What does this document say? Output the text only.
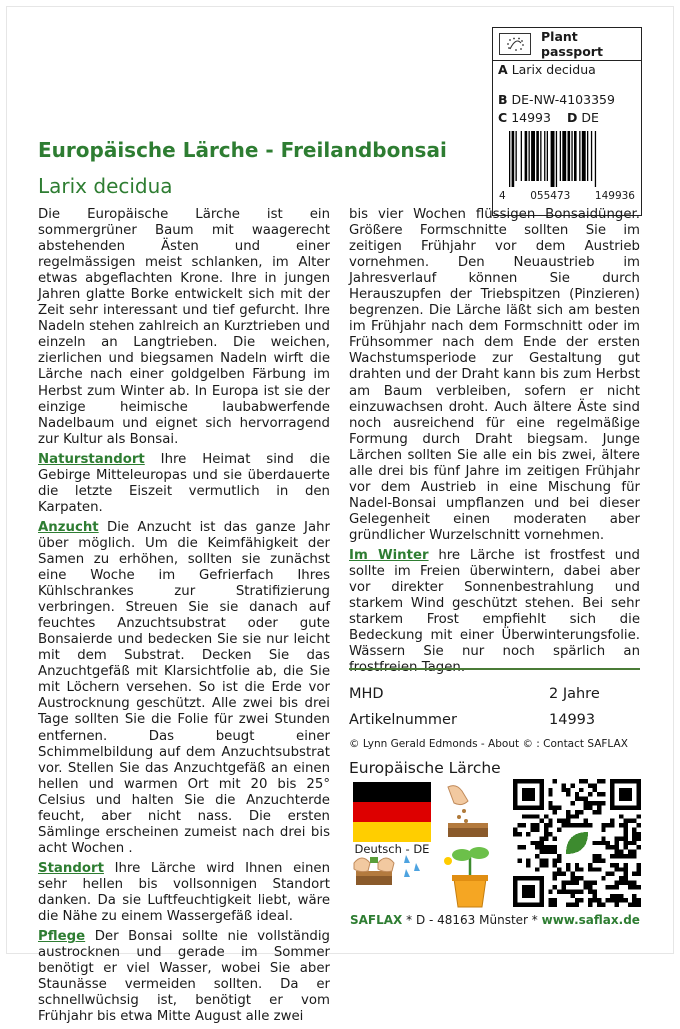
Europäische Lärche - Freilandbonsai
Larix decidua
Plant passport
A Larix decidua
B DE-NW-4103359
C 14993 D DE
4 055473 149936

Die Europäische Lärche ist ein sommergrüner Baum mit waagerecht abstehenden Ästen und einer regelmässigen meist schlanken, im Alter etwas abgeflachten Krone. Ihre in jungen Jahren glatte Borke entwickelt sich mit der Zeit sehr interessant und tief gefurcht. Ihre Nadeln stehen zahlreich an Kurztrieben und einzeln an Langtrieben. Die weichen, zierlichen und biegsamen Nadeln wirft die Lärche nach einer goldgelben Färbung im Herbst zum Winter ab. In Europa ist sie der einzige heimische laubabwerfende Nadelbaum und eignet sich hervorragend zur Kultur als Bonsai.

Naturstandort Ihre Heimat sind die Gebirge Mitteleuropas und sie überdauerte die letzte Eiszeit vermutlich in den Karpaten.

Anzucht Die Anzucht ist das ganze Jahr über möglich. Um die Keimfähigkeit der Samen zu erhöhen, sollten sie zunächst eine Woche im Gefrierfach Ihres Kühlschrankes zur Stratifizierung verbringen. Streuen Sie sie danach auf feuchtes Anzuchtsubstrat oder gute Bonsaierde und bedecken Sie sie nur leicht mit dem Substrat. Decken Sie das Anzuchtgefäß mit Klarsichtfolie ab, die Sie mit Löchern versehen. So ist die Erde vor Austrocknung geschützt. Alle zwei bis drei Tage sollten Sie die Folie für zwei Stunden entfernen. Das beugt einer Schimmelbildung auf dem Anzuchtsubstrat vor. Stellen Sie das Anzuchtgefäß an einen hellen und warmen Ort mit 20 bis 25° Celsius und halten Sie die Anzuchterde feucht, aber nicht nass. Die ersten Sämlinge erscheinen zumeist nach drei bis acht Wochen .

Standort Ihre Lärche wird Ihnen einen sehr hellen bis vollsonnigen Standort danken. Da sie Luftfeuchtigkeit liebt, wäre die Nähe zu einem Wassergefäß ideal.

Pflege Der Bonsai sollte nie vollständig austrocknen und gerade im Sommer benötigt er viel Wasser, wobei Sie aber Staunässe vermeiden sollten. Da er schnellwüchsig ist, benötigt er vom Frühjahr bis etwa Mitte August alle zwei

bis vier Wochen flüssigen Bonsaidünger. Größere Formschnitte sollten Sie im zeitigen Frühjahr vor dem Austrieb vornehmen. Den Neuaustrieb im Jahresverlauf können Sie durch Herauszupfen der Triebspitzen (Pinzieren) begrenzen. Die Lärche läßt sich am besten im Frühjahr nach dem Formschnitt oder im Frühsommer nach dem Ende der ersten Wachstumsperiode zur Gestaltung gut drahten und der Draht kann bis zum Herbst am Baum verbleiben, sofern er nicht einzuwachsen droht. Auch ältere Äste sind noch ausreichend für eine regelmäßige Formung durch Draht biegsam. Junge Lärchen sollten Sie alle ein bis zwei, ältere alle drei bis fünf Jahre im zeitigen Frühjahr vor dem Austrieb in eine Mischung für Nadel-Bonsai umpflanzen und bei dieser Gelegenheit einen moderaten aber gründlicher Wurzelschnitt vornehmen.

Im Winter hre Lärche ist frostfest und sollte im Freien überwintern, dabei aber vor direkter Sonnenbestrahlung und starkem Wind geschützt stehen. Bei sehr starkem Frost empfiehlt sich die Bedeckung mit einer Überwinterungsfolie. Wässern Sie nur noch spärlich an

MHD	2 Jahre
Artikelnummer	14993
© Lynn Gerald Edmonds - About © : Contact SAFLAX
Europäische Lärche
Deutsch - DE
SAFLAX * D - 48163 Münster * www.saflax.de
